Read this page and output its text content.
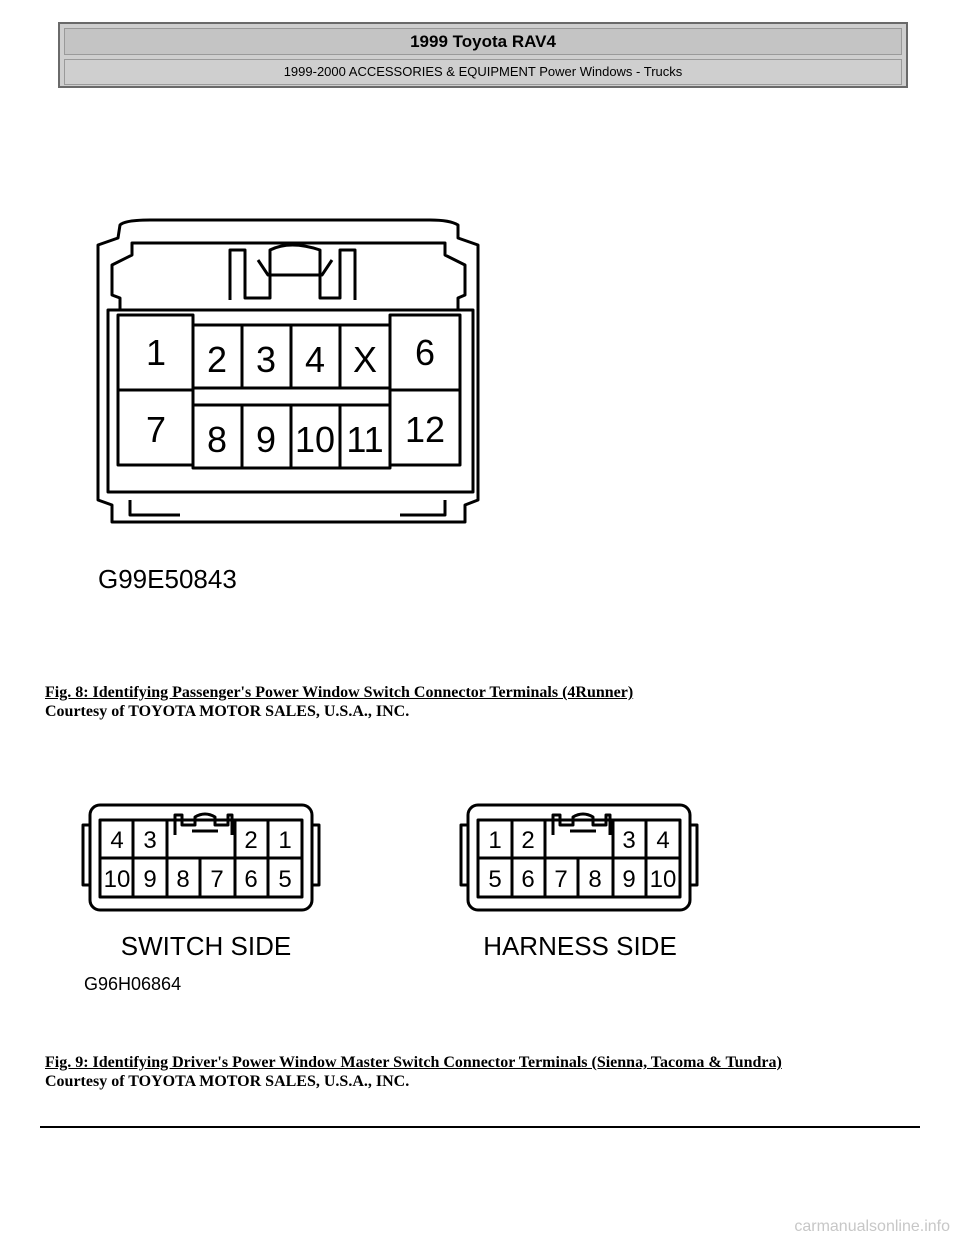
1999 Toyota RAV4
1999-2000 ACCESSORIES & EQUIPMENT Power Windows - Trucks
1 2 3 4 X 6
7 8 9 10 11 12
G99E50843
Fig. 8: Identifying Passenger's Power Window Switch Connector Terminals (4Runner)
Courtesy of TOYOTA MOTOR SALES, U.S.A., INC.
4 3	2 1
10 9 8 7 6 5
1 2	3 4
5 6 7 8 9 10
SWITCH SIDE	HARNESS SIDE
G96H06864
Fig. 9: Identifying Driver's Power Window Master Switch Connector Terminals (Sienna, Tacoma & Tundra)
Courtesy of TOYOTA MOTOR SALES, U.S.A., INC.
carmanualsonline.info
